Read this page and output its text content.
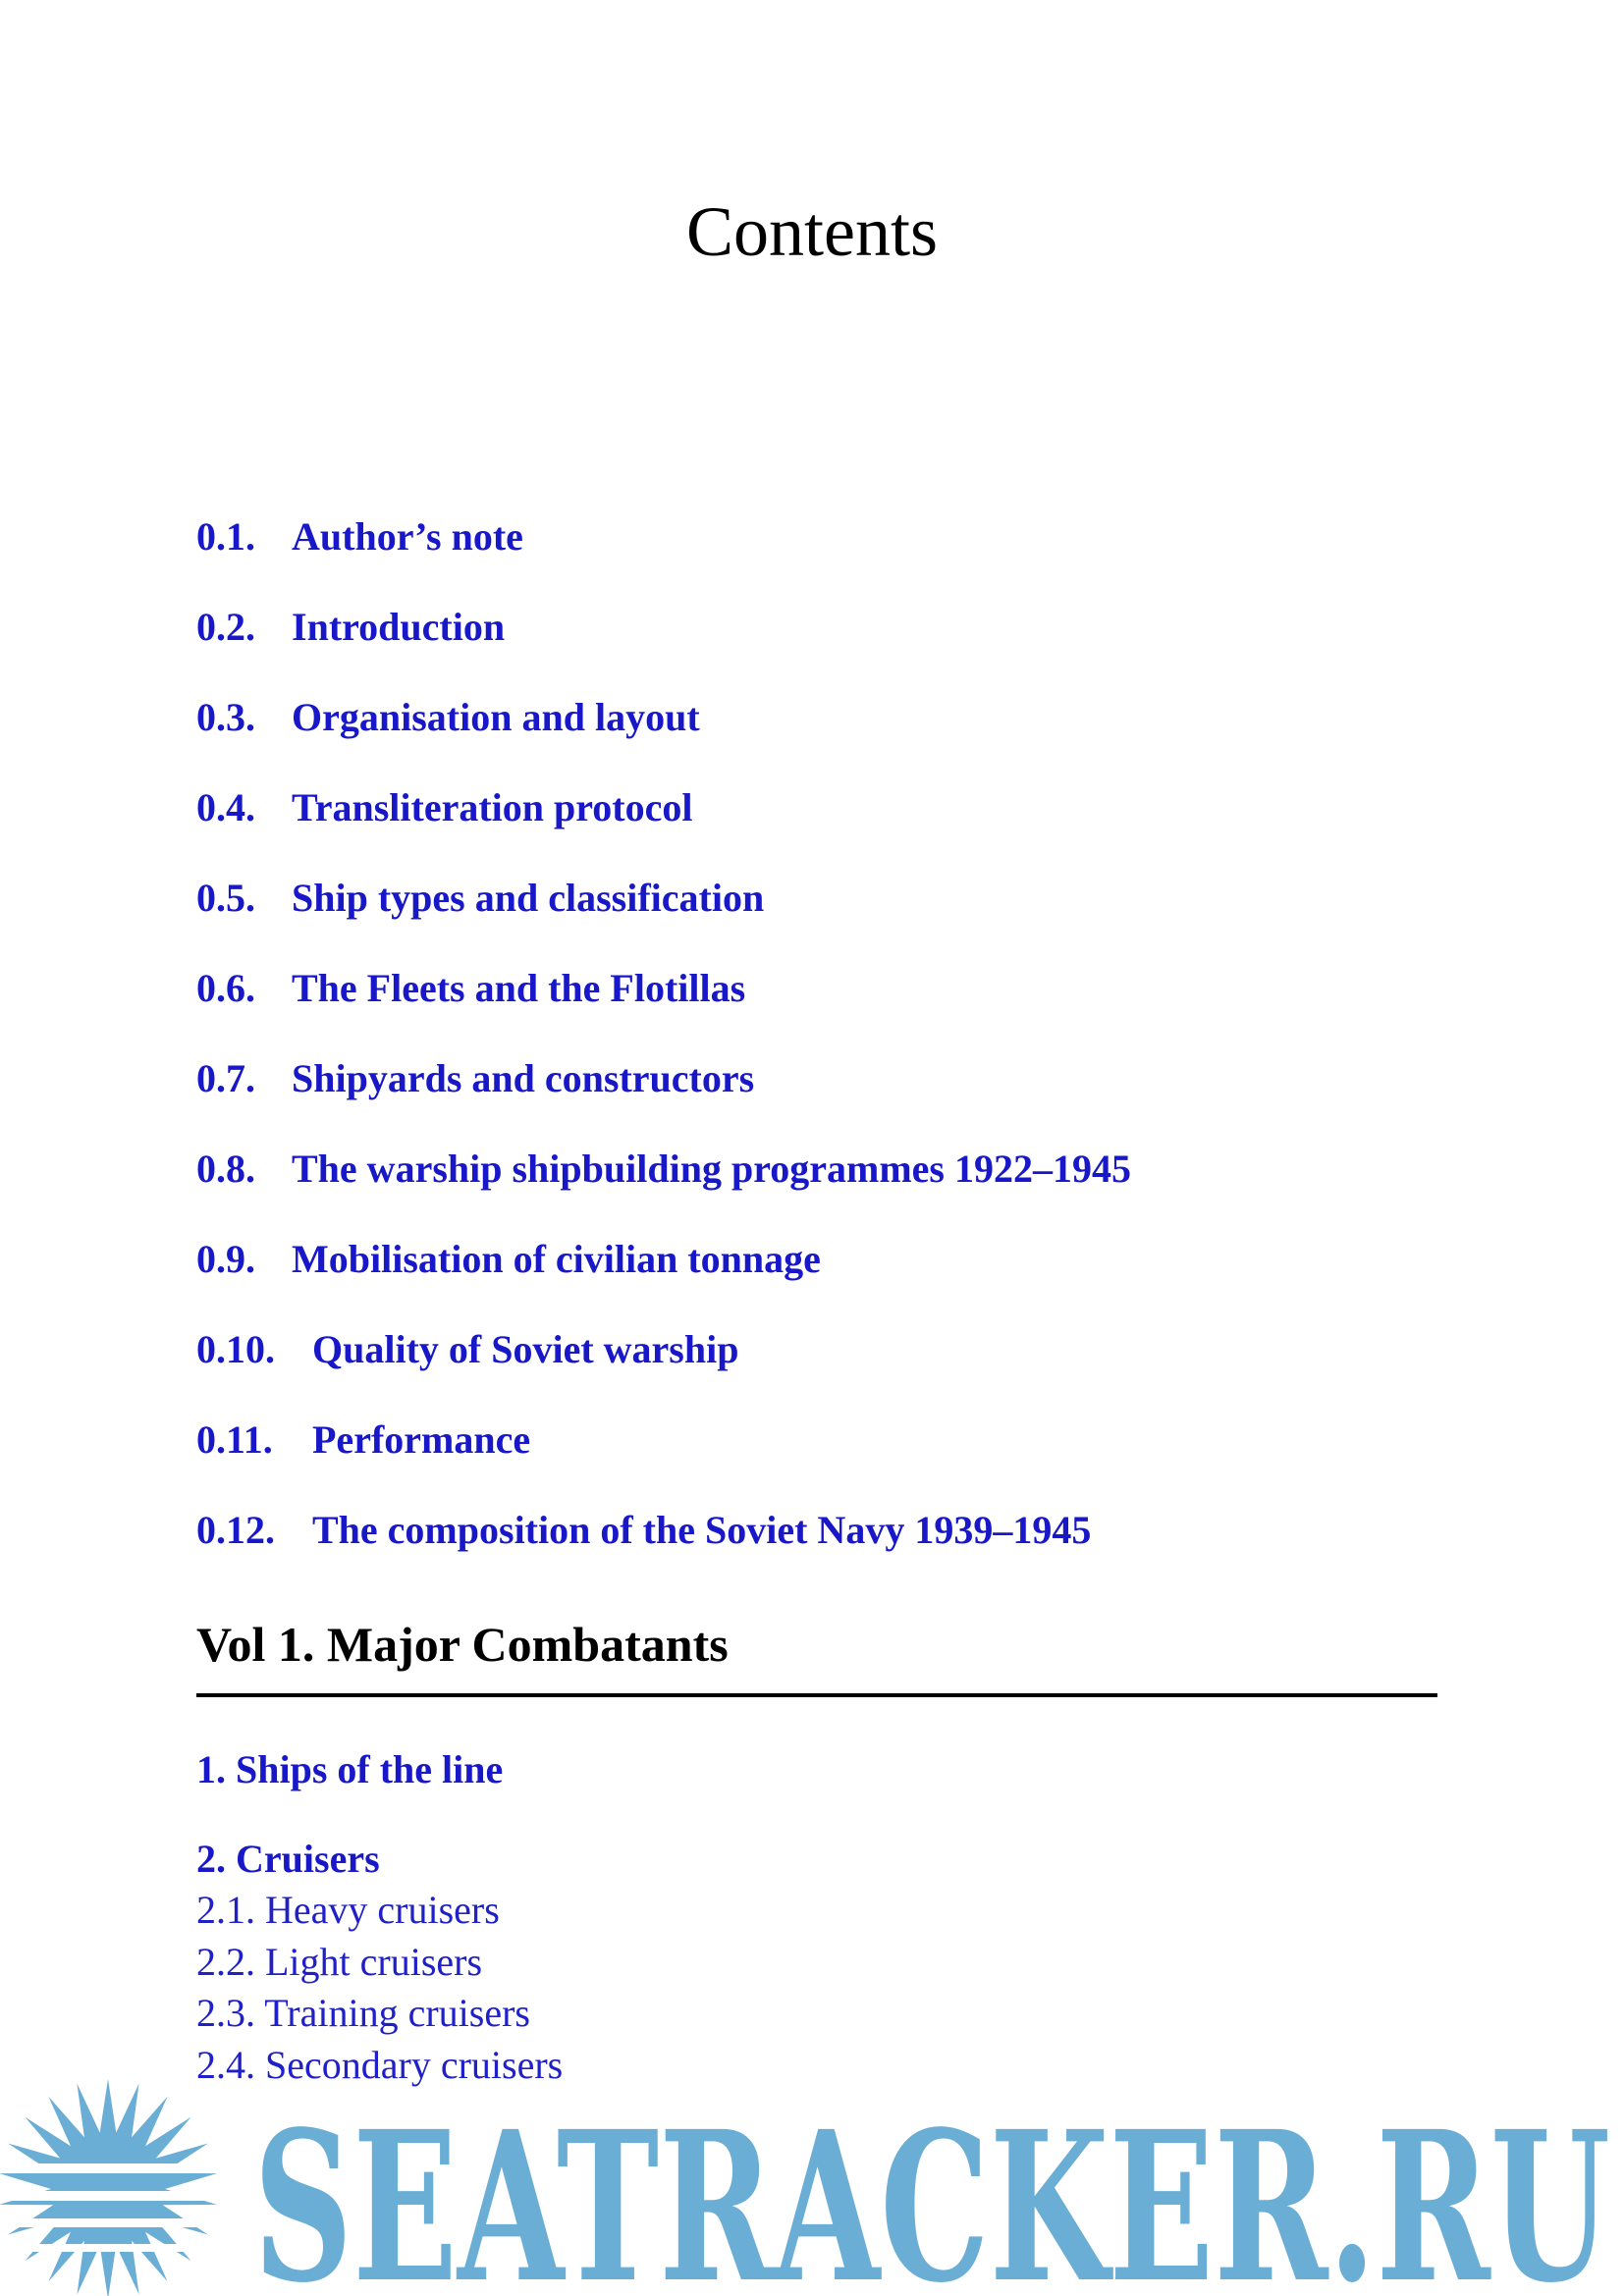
Contents
0.1. Author’s note
0.2. Introduction
0.3. Organisation and layout
0.4. Transliteration protocol
0.5. Ship types and classification
0.6. The Fleets and the Flotillas
0.7. Shipyards and constructors
0.8. The warship shipbuilding programmes 1922–1945
0.9. Mobilisation of civilian tonnage
0.10. Quality of Soviet warship
0.11.	Performance
0.12. The composition of the Soviet Navy 1939–1945
Vol 1. Major Combatants
1. Ships of the line
2. Cruisers
2.1. Heavy cruisers
2.2. Light cruisers
2.3. Training cruisers
2.4. Secondary cruisers
SEATRACKER.RU
